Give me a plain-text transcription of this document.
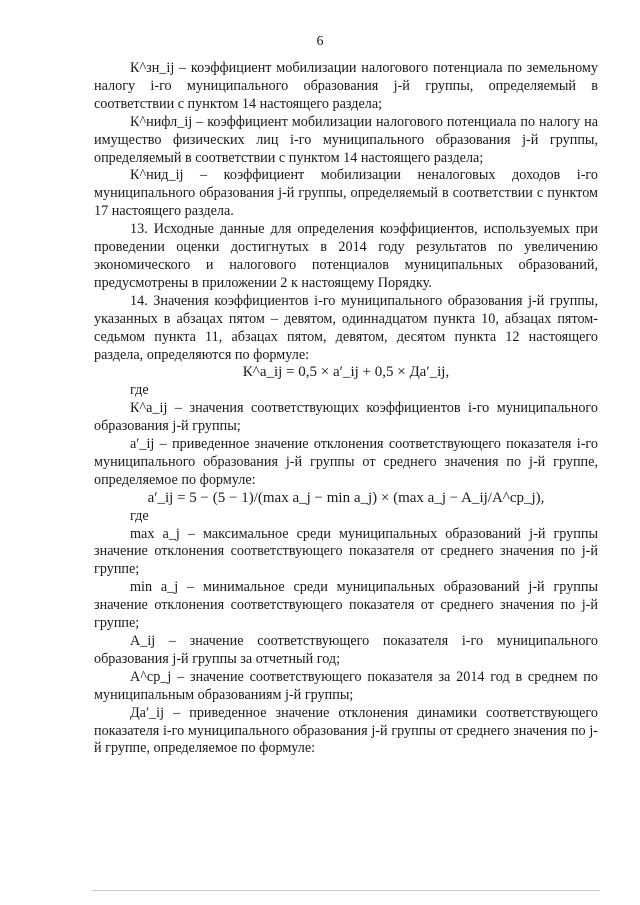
6

К^зн_ij – коэффициент мобилизации налогового потенциала по земельному налогу i-го муниципального образования j-й группы, определяемый в соответствии с пунктом 14 настоящего раздела;

К^нифл_ij – коэффициент мобилизации налогового потенциала по налогу на имущество физических лиц i-го муниципального образования j-й группы, определяемый в соответствии с пунктом 14 настоящего раздела;

К^нид_ij – коэффициент мобилизации неналоговых доходов i-го муниципального образования j-й группы, определяемый в соответствии с пунктом 17 настоящего раздела.

13. Исходные данные для определения коэффициентов, используемых при проведении оценки достигнутых в 2014 году результатов по увеличению экономического и налогового потенциалов муниципальных образований, предусмотрены в приложении 2 к настоящему Порядку.

14. Значения коэффициентов i-го муниципального образования j-й группы, указанных в абзацах пятом – девятом, одиннадцатом пункта 10, абзацах пятом-седьмом пункта 11, абзацах пятом, девятом, десятом пункта 12 настоящего раздела, определяются по формуле:

К^а_ij = 0,5 × a′_ij + 0,5 × Дa′_ij,

где

К^а_ij – значения соответствующих коэффициентов i-го муниципального образования j-й группы;

a′_ij – приведенное значение отклонения соответствующего показателя i-го муниципального образования j-й группы от среднего значения по j-й группе, определяемое по формуле:

a′_ij = 5 − (5 − 1)/(max a_j − min a_j) × (max a_j − A_ij/A^ср_j),

где

max a_j – максимальное среди муниципальных образований j-й группы значение отклонения соответствующего показателя от среднего значения по j-й группе;

min a_j – минимальное среди муниципальных образований j-й группы значение отклонения соответствующего показателя от среднего значения по j-й группе;

A_ij – значение соответствующего показателя i-го муниципального образования j-й группы за отчетный год;

A^ср_j – значение соответствующего показателя за 2014 год в среднем по муниципальным образованиям j-й группы;

Дa′_ij – приведенное значение отклонения динамики соответствующего показателя i-го муниципального образования j-й группы от среднего значения по j-й группе, определяемое по формуле:
